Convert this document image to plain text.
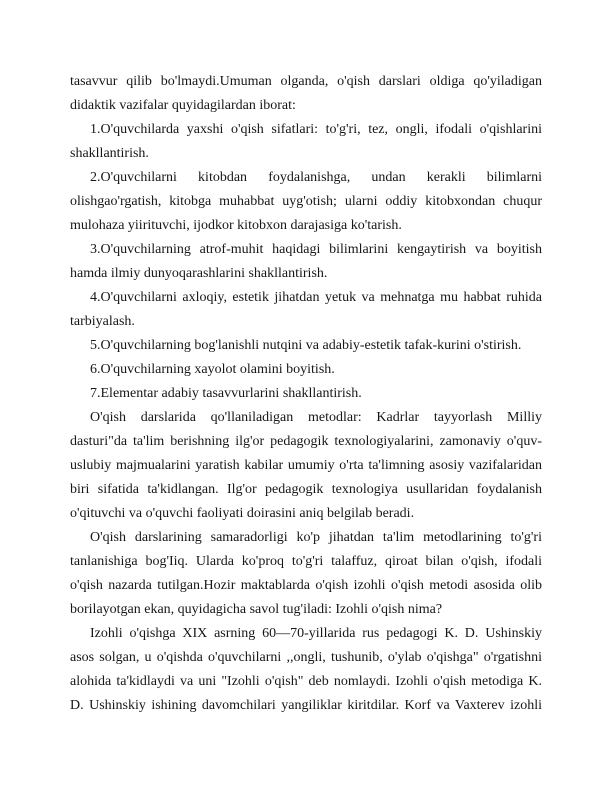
tasavvur qilib bo'lmaydi.Umuman olganda, o'qish darslari oldiga qo'yiladigan
didaktik vazifalar quyidagilardan iborat:
1.O'quvchilarda yaxshi o'qish sifatlari: to'g'ri, tez, ongli, ifodali o'qishlarini
shakllantirish.
2.O'quvchilarni kitobdan foydalanishga, undan kerakli bilimlarni
olishgao'rgatish, kitobga muhabbat uyg'otish; ularni oddiy kitobxondan chuqur
mulohaza yiirituvchi, ijodkor kitobxon darajasiga ko'tarish.
3.O'quvchilarning atrof-muhit haqidagi bilimlarini kengaytirish va boyitish
hamda ilmiy dunyoqarashlarini shakllantirish.
4.O'quvchilarni axloqiy, estetik jihatdan yetuk va mehnatga mu habbat ruhida
tarbiyalash.
5.O'quvchilarning bog'lanishli nutqini va adabiy-estetik tafak-kurini o'stirish.
6.O'quvchilarning xayolot olamini boyitish.
7.Elementar adabiy tasavvurlarini shakllantirish.
O'qish darslarida qo'llaniladigan metodlar: Kadrlar tayyorlash Milliy
dasturi"da ta'lim berishning ilg'or pedagogik texnologiyalarini, zamonaviy o'quv-
uslubiy majmualarini yaratish kabilar umumiy o'rta ta'limning asosiy vazifalaridan
biri sifatida ta'kidlangan. Ilg'or pedagogik texnologiya usullaridan foydalanish
o'qituvchi va o'quvchi faoliyati doirasini aniq belgilab beradi.
O'qish darslarining samaradorligi ko'p jihatdan ta'lim metodlarining to'g'ri
tanlanishiga bog'Iiq. Ularda ko'proq to'g'ri talaffuz, qiroat bilan o'qish, ifodali
o'qish nazarda tutilgan.Hozir maktablarda o'qish izohli o'qish metodi asosida olib
borilayotgan ekan, quyidagicha savol tug'iladi: Izohli o'qish nima?
Izohli o'qishga XIX asrning 60—70-yillarida rus pedagogi K. D. Ushinskiy
asos solgan, u o'qishda o'quvchilarni ,,ongli, tushunib, o'ylab o'qishga" o'rgatishni
alohida ta'kidlaydi va uni "Izohli o'qish" deb nomlaydi. Izohli o'qish metodiga K.
D. Ushinskiy ishining davomchilari yangiliklar kiritdilar. Korf va Vaxterev izohli
